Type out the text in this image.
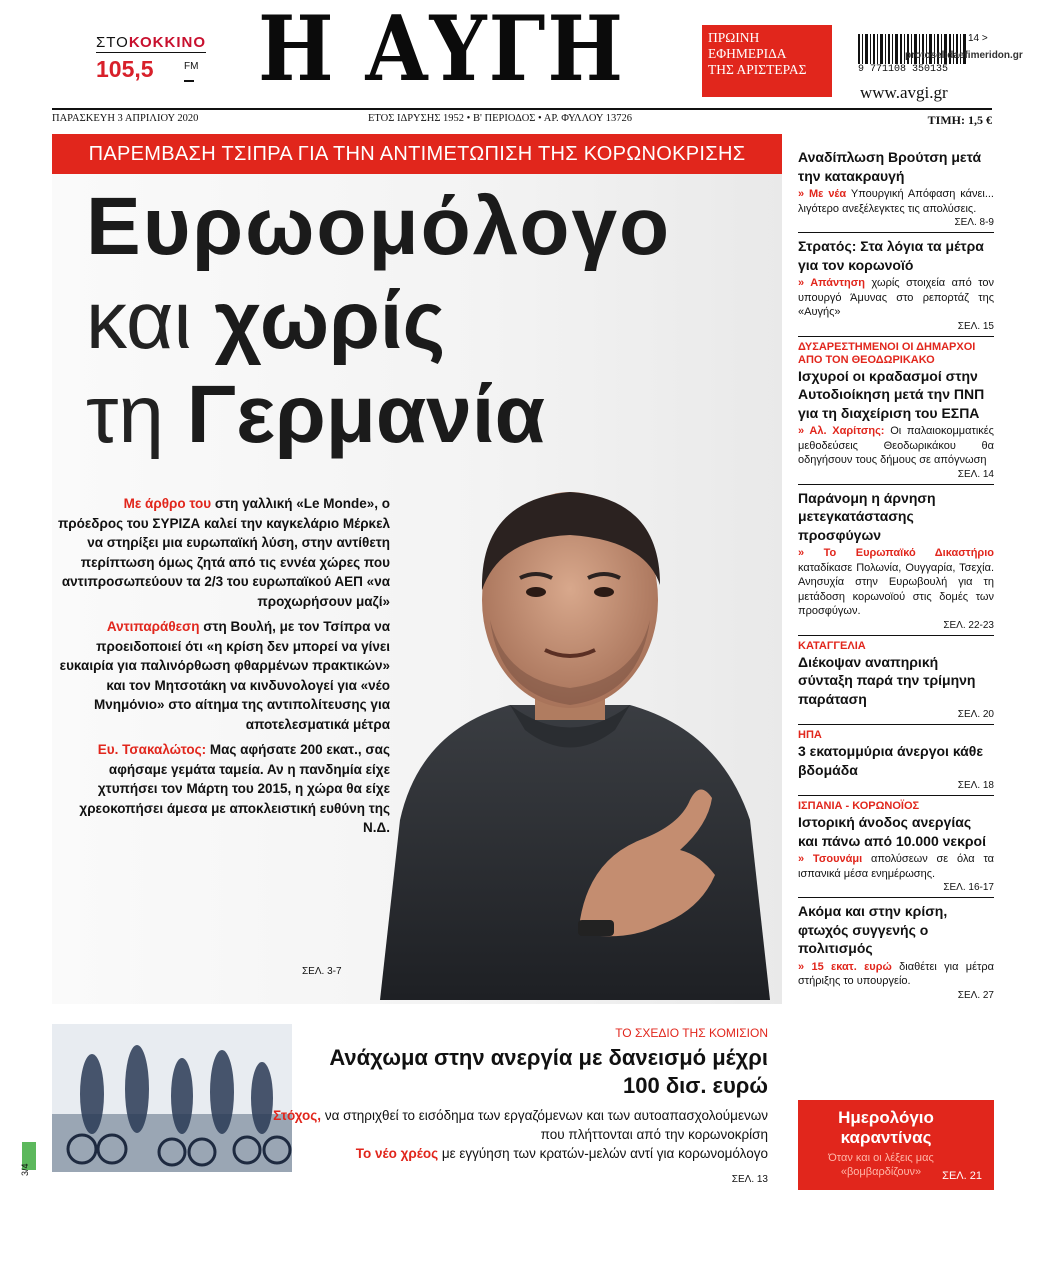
ΣΤΟΚΟΚΚΙΝΟ
105,5	FM Η ΑΥΓΗ	ΠΡΩΙΝΗ
ΕΦΗΜΕΡΙΔΑ
ΤΗΣ ΑΡΙΣΤΕΡΑΣ	9 771108 350135
14 >
protoselidaefimeridon.gr
www.avgi.gr
ΠΑΡΑΣΚΕΥΗ 3 ΑΠΡΙΛΙΟΥ 2020	ΕΤΟΣ ΙΔΡΥΣΗΣ 1952 • Β' ΠΕΡΙΟΔΟΣ • ΑΡ. ΦΥΛΛΟΥ 13726	ΤΙΜΗ: 1,5 €
ΠΑΡΕΜΒΑΣΗ ΤΣΙΠΡΑ ΓΙΑ ΤΗΝ ΑΝΤΙΜΕΤΩΠΙΣΗ ΤΗΣ ΚΟΡΩΝΟΚΡΙΣΗΣ
Ευρωομόλογο
και χωρίς
τη Γερμανία

Με άρθρο του στη γαλλική «Le Monde», ο πρόεδρος του ΣΥΡΙΖΑ καλεί την καγκελάριο Μέρκελ να στηρίξει μια ευρωπαϊκή λύση, στην αντίθετη περίπτωση όμως ζητά από τις εννέα χώρες που αντιπροσωπεύουν τα 2/3 του ευρωπαϊκού ΑΕΠ «να προχωρήσουν μαζί»

Αντιπαράθεση στη Βουλή, με τον Τσίπρα να προειδοποιεί ότι «η κρίση δεν μπορεί να γίνει ευκαιρία για παλινόρθωση φθαρμένων πρακτικών» και τον Μητσοτάκη να κινδυνολογεί για «νέο Μνημόνιο» στο αίτημα της αντιπολίτευσης για αποτελεσματικά μέτρα

Ευ. Τσακαλώτος: Μας αφήσατε 200 εκατ., σας αφήσαμε γεμάτα ταμεία. Αν η πανδημία είχε χτυπήσει τον Μάρτη του 2015, η χώρα θα είχε χρεοκοπήσει άμεσα με αποκλειστική ευθύνη της Ν.Δ.

ΣΕΛ. 3-7
ΤΟ ΣΧΕΔΙΟ ΤΗΣ ΚΟΜΙΣΙΟΝ
Ανάχωμα στην ανεργία με δανεισμό μέχρι 100 δισ. ευρώ
Στόχος, να στηριχθεί το εισόδημα των εργαζόμενων και των αυτοαπασχολούμενων που πλήττονται από την κορωνοκρίση
Το νέο χρέος με εγγύηση των κρατών-μελών αντί για κορωνομόλογο
ΣΕΛ. 13
3/4
Αναδίπλωση Βρούτση μετά την κατακραυγή
» Με νέα Υπουργική Απόφαση κάνει... λιγότερο ανεξέλεγκτες τις απολύσεις.
ΣΕΛ. 8-9
Στρατός: Στα λόγια τα μέτρα για τον κορωνοϊό
» Απάντηση χωρίς στοιχεία από τον υπουργό Άμυνας στο ρεπορτάζ της «Αυγής»
ΣΕΛ. 15
ΔΥΣΑΡΕΣΤΗΜΕΝΟΙ ΟΙ ΔΗΜΑΡΧΟΙ ΑΠΟ ΤΟΝ ΘΕΟΔΩΡΙΚΑΚΟ
Ισχυροί οι κραδασμοί στην Αυτοδιοίκηση μετά την ΠΝΠ για τη διαχείριση του ΕΣΠΑ
» Αλ. Χαρίτσης: Οι παλαιοκομματικές μεθοδεύσεις Θεοδωρικάκου θα οδηγήσουν τους δήμους σε απόγνωση
ΣΕΛ. 14
Παράνομη η άρνηση μετεγκατάστασης προσφύγων
» Το Ευρωπαϊκό Δικαστήριο καταδίκασε Πολωνία, Ουγγαρία, Τσεχία. Ανησυχία στην Ευρωβουλή για τη μετάδοση κορωνοϊού στις δομές των προσφύγων.
ΣΕΛ. 22-23
ΚΑΤΑΓΓΕΛΙΑ
Διέκοψαν αναπηρική σύνταξη παρά την τρίμηνη παράταση
ΣΕΛ. 20
ΗΠΑ
3 εκατομμύρια άνεργοι κάθε βδομάδα
ΣΕΛ. 18
ΙΣΠΑΝΙΑ - ΚΟΡΩΝΟΪΟΣ
Ιστορική άνοδος ανεργίας και πάνω από 10.000 νεκροί
» Τσουνάμι απολύσεων σε όλα τα ισπανικά μέσα ενημέρωσης.
ΣΕΛ. 16-17
Ακόμα και στην κρίση, φτωχός συγγενής ο πολιτισμός
» 15 εκατ. ευρώ διαθέτει για μέτρα στήριξης το υπουργείο.
ΣΕΛ. 27
Ημερολόγιο καραντίνας
Όταν και οι λέξεις μας «βομβαρδίζουν»	ΣΕΛ. 21
